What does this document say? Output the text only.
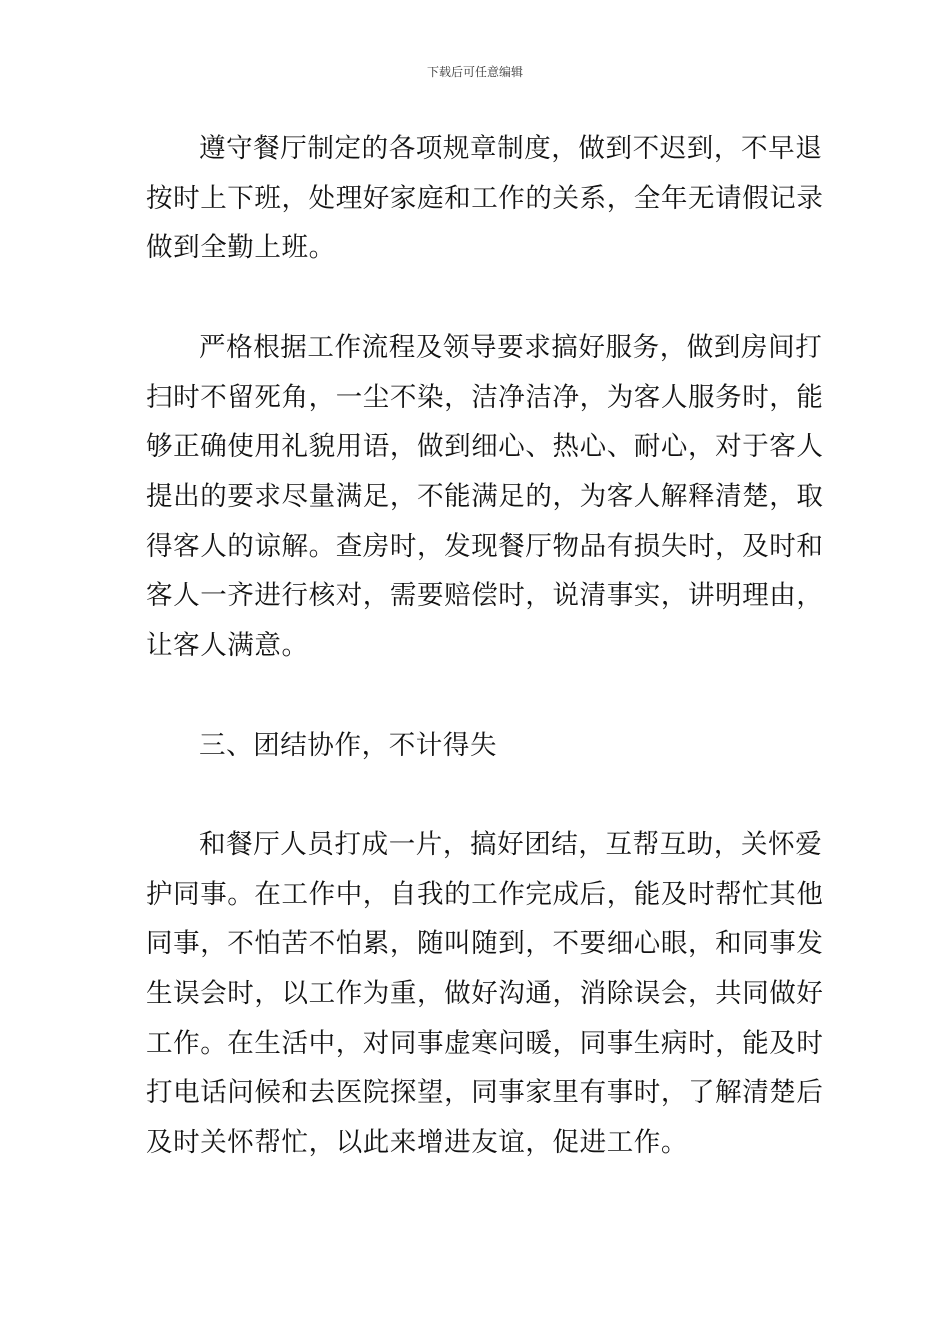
下载后可任意编辑
遵守餐厅制定的各项规章制度，做到不迟到，不早退
按时上下班，处理好家庭和工作的关系，全年无请假记录
做到全勤上班。
严格根据工作流程及领导要求搞好服务，做到房间打
扫时不留死角，一尘不染，洁净洁净，为客人服务时，能
够正确使用礼貌用语，做到细心、热心、耐心，对于客人
提出的要求尽量满足，不能满足的，为客人解释清楚，取
得客人的谅解。查房时，发现餐厅物品有损失时，及时和
客人一齐进行核对，需要赔偿时，说清事实，讲明理由，
让客人满意。
三、团结协作，不计得失
和餐厅人员打成一片，搞好团结，互帮互助，关怀爱
护同事。在工作中，自我的工作完成后，能及时帮忙其他
同事，不怕苦不怕累，随叫随到，不要细心眼，和同事发
生误会时，以工作为重，做好沟通，消除误会，共同做好
工作。在生活中，对同事虚寒问暖，同事生病时，能及时
打电话问候和去医院探望，同事家里有事时，了解清楚后
及时关怀帮忙，以此来增进友谊，促进工作。
